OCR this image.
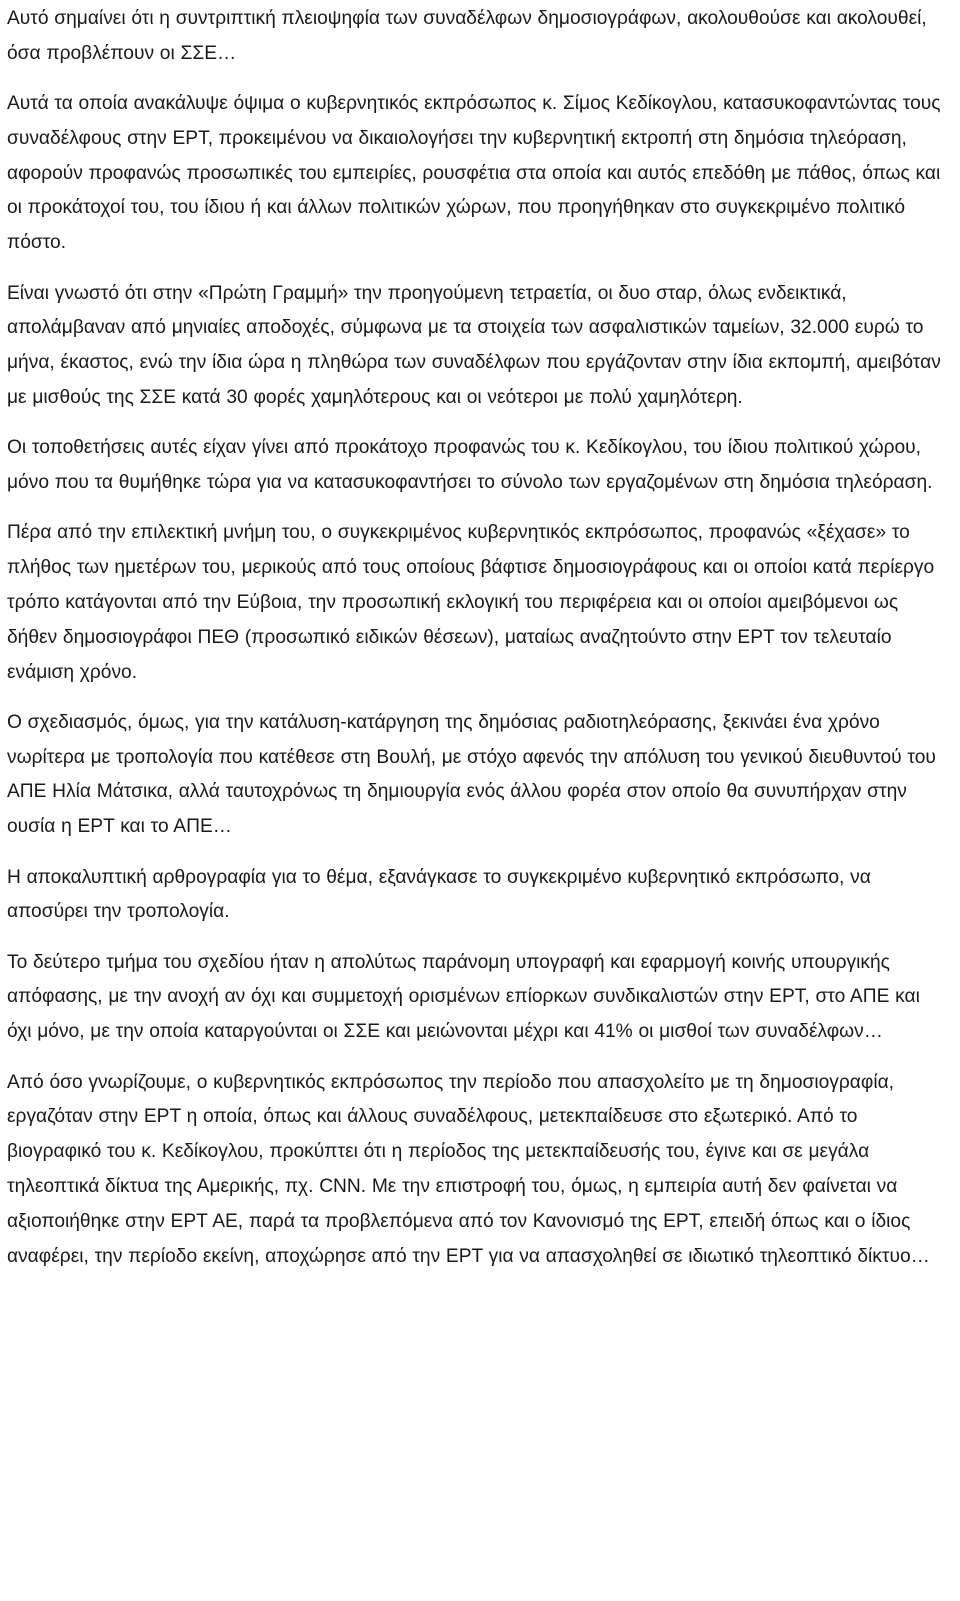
Αυτό σημαίνει ότι η συντριπτική πλειοψηφία των συναδέλφων δημοσιογράφων, ακολουθούσε και ακολουθεί, όσα προβλέπουν οι ΣΣΕ…

Αυτά τα οποία ανακάλυψε όψιμα ο κυβερνητικός εκπρόσωπος κ. Σίμος Κεδίκογλου, κατασυκοφαντώντας τους συναδέλφους στην ΕΡΤ, προκειμένου να δικαιολογήσει την κυβερνητική εκτροπή στη δημόσια τηλεόραση, αφορούν προφανώς προσωπικές του εμπειρίες, ρουσφέτια στα οποία και αυτός επεδόθη με πάθος, όπως και οι προκάτοχοί του, του ίδιου ή και άλλων πολιτικών χώρων, που προηγήθηκαν στο συγκεκριμένο πολιτικό πόστο.

Είναι γνωστό ότι στην «Πρώτη Γραμμή» την προηγούμενη τετραετία, οι δυο σταρ, όλως ενδεικτικά, απολάμβαναν από μηνιαίες αποδοχές, σύμφωνα με τα στοιχεία των ασφαλιστικών ταμείων, 32.000 ευρώ το μήνα, έκαστος, ενώ την ίδια ώρα η πληθώρα των συναδέλφων που εργάζονταν στην ίδια εκπομπή, αμειβόταν με μισθούς της ΣΣΕ κατά 30 φορές χαμηλότερους και οι νεότεροι με πολύ χαμηλότερη.

Οι τοποθετήσεις αυτές είχαν γίνει από προκάτοχο προφανώς του κ. Κεδίκογλου, του ίδιου πολιτικού χώρου, μόνο που τα θυμήθηκε τώρα για να κατασυκοφαντήσει το σύνολο των εργαζομένων στη δημόσια τηλεόραση.

Πέρα από την επιλεκτική μνήμη του, ο συγκεκριμένος κυβερνητικός εκπρόσωπος, προφανώς «ξέχασε» το πλήθος των ημετέρων του, μερικούς από τους οποίους βάφτισε δημοσιογράφους και οι οποίοι κατά περίεργο τρόπο κατάγονται από την Εύβοια, την προσωπική εκλογική του περιφέρεια και οι οποίοι αμειβόμενοι ως δήθεν δημοσιογράφοι ΠΕΘ (προσωπικό ειδικών θέσεων), ματαίως αναζητούντο στην ΕΡΤ τον τελευταίο ενάμιση χρόνο.

Ο σχεδιασμός, όμως, για την κατάλυση-κατάργηση της δημόσιας ραδιοτηλεόρασης, ξεκινάει ένα χρόνο νωρίτερα με τροπολογία που κατέθεσε στη Βουλή, με στόχο αφενός την απόλυση του γενικού διευθυντού του ΑΠΕ Ηλία Μάτσικα, αλλά ταυτοχρόνως τη δημιουργία ενός άλλου φορέα στον οποίο θα συνυπήρχαν στην ουσία η ΕΡΤ και το ΑΠΕ…

Η αποκαλυπτική αρθρογραφία για το θέμα, εξανάγκασε το συγκεκριμένο κυβερνητικό εκπρόσωπο, να αποσύρει την τροπολογία.

Το δεύτερο τμήμα του σχεδίου ήταν η απολύτως παράνομη υπογραφή και εφαρμογή κοινής υπουργικής απόφασης, με την ανοχή αν όχι και συμμετοχή ορισμένων επίορκων συνδικαλιστών στην ΕΡΤ, στο ΑΠΕ και όχι μόνο, με την οποία καταργούνται οι ΣΣΕ και μειώνονται μέχρι και 41% οι μισθοί των συναδέλφων…

Από όσο γνωρίζουμε, ο κυβερνητικός εκπρόσωπος την περίοδο που απασχολείτο με τη δημοσιογραφία, εργαζόταν στην ΕΡΤ η οποία, όπως και άλλους συναδέλφους, μετεκπαίδευσε στο εξωτερικό. Από το βιογραφικό του κ. Κεδίκογλου, προκύπτει ότι η περίοδος της μετεκπαίδευσής του, έγινε και σε μεγάλα τηλεοπτικά δίκτυα της Αμερικής, πχ. CNN. Με την επιστροφή του, όμως, η εμπειρία αυτή δεν φαίνεται να αξιοποιήθηκε στην ΕΡΤ ΑΕ, παρά τα προβλεπόμενα από τον Κανονισμό της ΕΡΤ, επειδή όπως και ο ίδιος αναφέρει, την περίοδο εκείνη, αποχώρησε από την ΕΡΤ για να απασχοληθεί σε ιδιωτικό τηλεοπτικό δίκτυο…
